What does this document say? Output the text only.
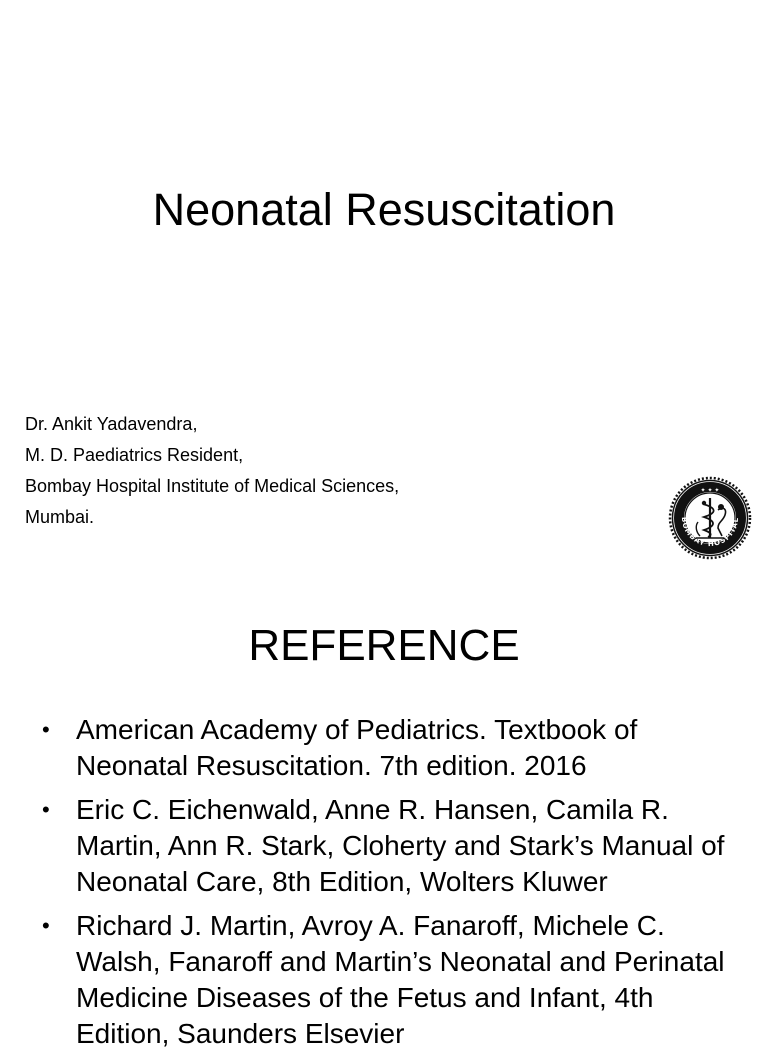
Neonatal Resuscitation
Dr. Ankit Yadavendra,
M. D. Paediatrics Resident,
Bombay Hospital Institute of Medical Sciences,
Mumbai.	BOMBAY HOSPITAL
✦ ✦ ✦
REFERENCE
• American Academy of Pediatrics. Textbook of Neonatal Resuscitation. 7th edition. 2016
• Eric C. Eichenwald, Anne R. Hansen, Camila R. Martin, Ann R. Stark, Cloherty and Stark’s Manual of Neonatal Care, 8th Edition, Wolters Kluwer
• Richard J. Martin, Avroy A. Fanaroff, Michele C. Walsh, Fanaroff and Martin’s Neonatal and Perinatal Medicine Diseases of the Fetus and Infant, 4th Edition, Saunders Elsevier
